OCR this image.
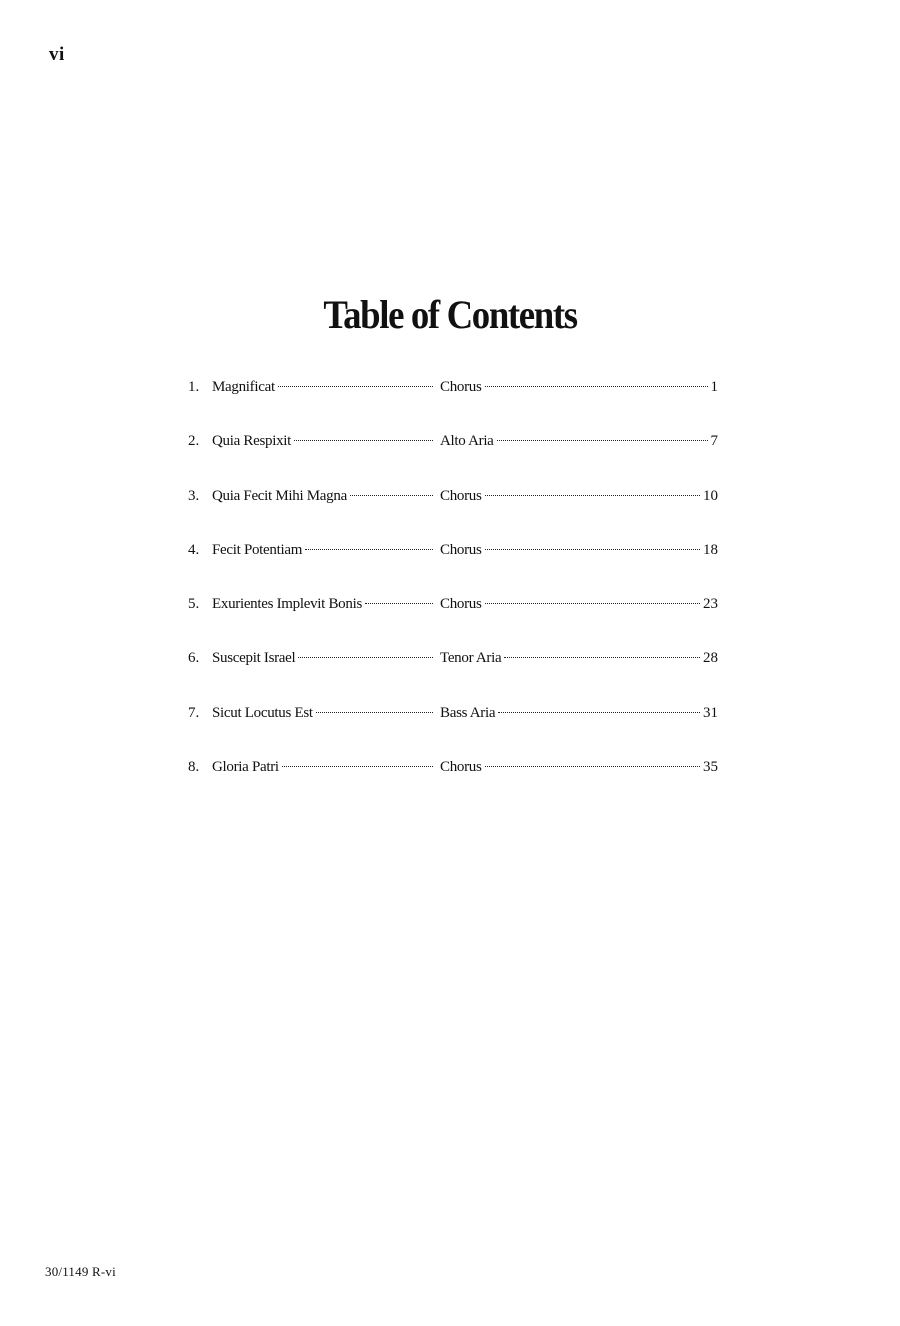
vi
Table of Contents
1. Magnificat	Chorus	1
2. Quia Respixit	Alto Aria	7
3. Quia Fecit Mihi Magna	Chorus	10
4. Fecit Potentiam	Chorus	18
5. Exurientes Implevit Bonis	Chorus	23
6. Suscepit Israel	Tenor Aria	28
7. Sicut Locutus Est	Bass Aria	31
8. Gloria Patri	Chorus	35
30/1149 R-vi
